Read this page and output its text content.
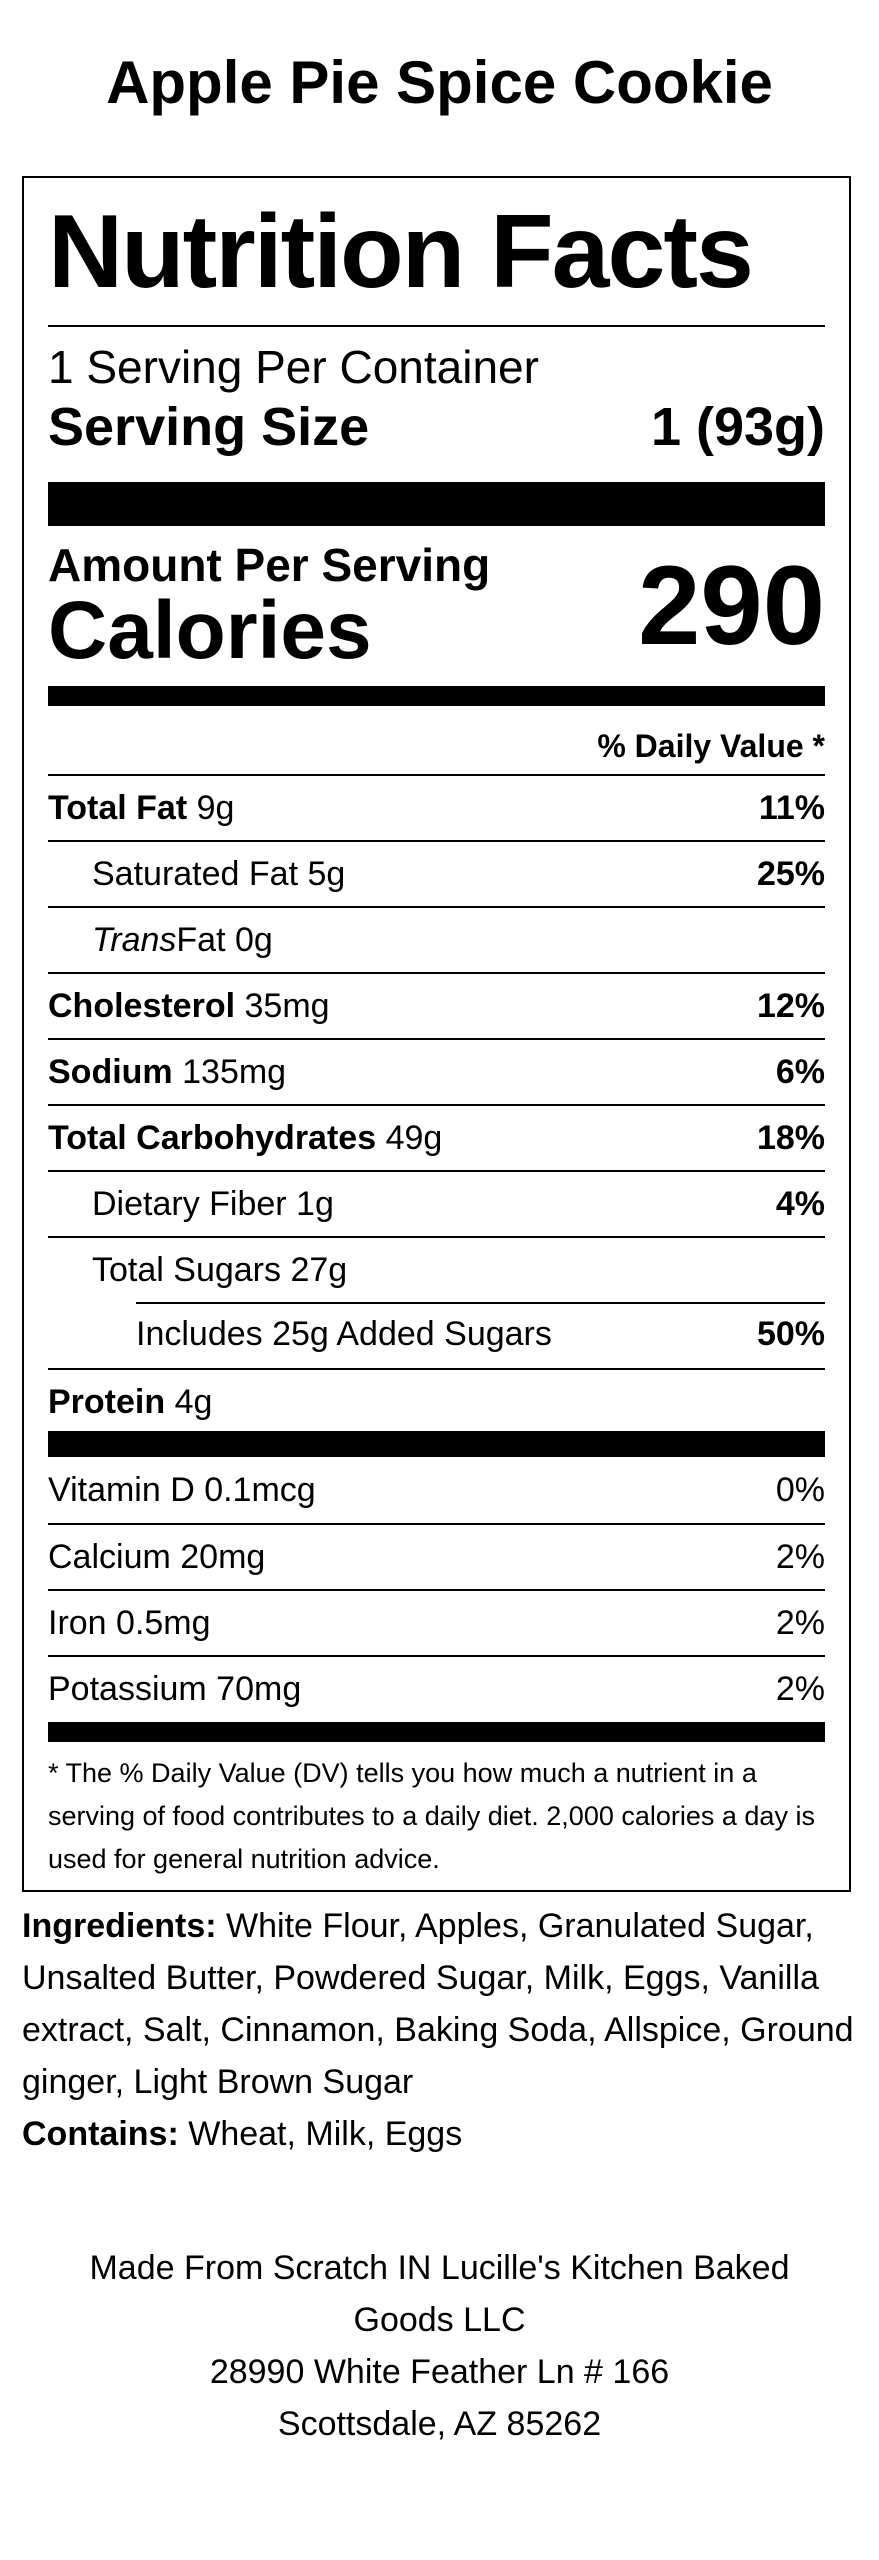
Apple Pie Spice Cookie
Nutrition Facts
1 Serving Per Container
Serving Size	1 (93g)
Amount Per Serving
Calories	290
% Daily Value *
Total Fat 9g	11%
Saturated Fat 5g	25%
TransFat 0g
Cholesterol 35mg	12%
Sodium 135mg	6%
Total Carbohydrates 49g	18%
Dietary Fiber 1g	4%
Total Sugars 27g
Includes 25g Added Sugars	50%
Protein 4g
Vitamin D 0.1mcg	0%
Calcium 20mg	2%
Iron 0.5mg	2%
Potassium 70mg	2%
* The % Daily Value (DV) tells you how much a nutrient in a serving of food contributes to a daily diet. 2,000 calories a day is used for general nutrition advice.
Ingredients: White Flour, Apples, Granulated Sugar, Unsalted Butter, Powdered Sugar, Milk, Eggs, Vanilla extract, Salt, Cinnamon, Baking Soda, Allspice, Ground ginger, Light Brown Sugar
Contains: Wheat, Milk, Eggs
Made From Scratch IN Lucille's Kitchen Baked
Goods LLC
28990 White Feather Ln # 166
Scottsdale, AZ 85262
